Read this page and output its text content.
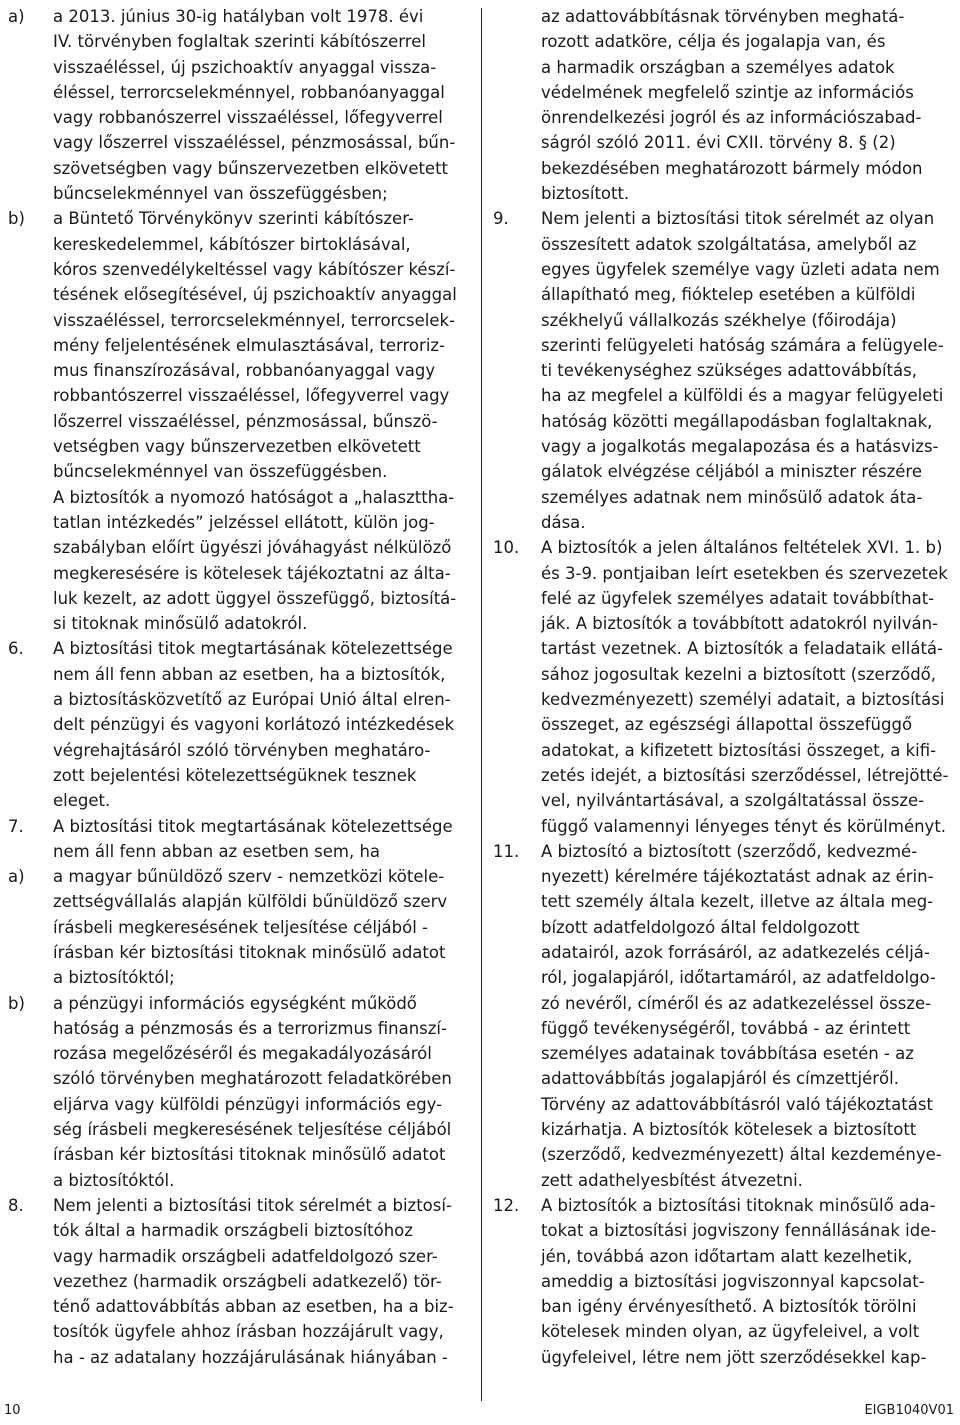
a) a 2013. június 30-ig hatályban volt 1978. évi
IV. törvényben foglaltak szerinti kábítószerrel
visszaéléssel, új pszichoaktív anyaggal vissza-
éléssel, terrorcselekménnyel, robbanóanyaggal
vagy robbanószerrel visszaéléssel, lőfegyverrel
vagy lőszerrel visszaéléssel, pénzmosással, bűn-
szövetségben vagy bűnszervezetben elkövetett
bűncselekménnyel van összefüggésben;
b) a Büntető Törvénykönyv szerinti kábítószer-
kereskedelemmel, kábítószer birtoklásával,
kóros szenvedélykeltéssel vagy kábítószer készí-
tésének elősegítésével, új pszichoaktív anyaggal
visszaéléssel, terrorcselekménnyel, terrorcselek-
mény feljelentésének elmulasztásával, terroriz-
mus finanszírozásával, robbanóanyaggal vagy
robbantószerrel visszaéléssel, lőfegyverrel vagy
lőszerrel visszaéléssel, pénzmosással, bűnszö-
vetségben vagy bűnszervezetben elkövetett
bűncselekménnyel van összefüggésben.
A biztosítók a nyomozó hatóságot a „halaszttha-
tatlan intézkedés” jelzéssel ellátott, külön jog-
szabályban előírt ügyészi jóváhagyást nélkülöző
megkeresésére is kötelesek tájékoztatni az álta-
luk kezelt, az adott üggyel összefüggő, biztosítá-
si titoknak minősülő adatokról.
6. A biztosítási titok megtartásának kötelezettsége
nem áll fenn abban az esetben, ha a biztosítók,
a biztosításközvetítő az Európai Unió által elren-
delt pénzügyi és vagyoni korlátozó intézkedések
végrehajtásáról szóló törvényben meghatáro-
zott bejelentési kötelezettségüknek tesznek
eleget.
7. A biztosítási titok megtartásának kötelezettsége
nem áll fenn abban az esetben sem, ha
a) a magyar bűnüldöző szerv - nemzetközi kötele-
zettségvállalás alapján külföldi bűnüldöző szerv
írásbeli megkeresésének teljesítése céljából -
írásban kér biztosítási titoknak minősülő adatot
a biztosítóktól;
b) a pénzügyi információs egységként működő
hatóság a pénzmosás és a terrorizmus finanszí-
rozása megelőzéséről és megakadályozásáról
szóló törvényben meghatározott feladatkörében
eljárva vagy külföldi pénzügyi információs egy-
ség írásbeli megkeresésének teljesítése céljából
írásban kér biztosítási titoknak minősülő adatot
a biztosítóktól.
8. Nem jelenti a biztosítási titok sérelmét a biztosí-
tók által a harmadik országbeli biztosítóhoz
vagy harmadik országbeli adatfeldolgozó szer-
vezethez (harmadik országbeli adatkezelő) tör-
ténő adattovábbítás abban az esetben, ha a biz-
tosítók ügyfele ahhoz írásban hozzájárult vagy,
ha - az adatalany hozzájárulásának hiányában -
az adattovábbításnak törvényben meghatá-
rozott adatköre, célja és jogalapja van, és
a harmadik országban a személyes adatok
védelmének megfelelő szintje az információs
önrendelkezési jogról és az információszabad-
ságról szóló 2011. évi CXII. törvény 8. § (2)
bekezdésében meghatározott bármely módon
biztosított.
9. Nem jelenti a biztosítási titok sérelmét az olyan
összesített adatok szolgáltatása, amelyből az
egyes ügyfelek személye vagy üzleti adata nem
állapítható meg, fióktelep esetében a külföldi
székhelyű vállalkozás székhelye (főirodája)
szerinti felügyeleti hatóság számára a felügyele-
ti tevékenységhez szükséges adattovábbítás,
ha az megfelel a külföldi és a magyar felügyeleti
hatóság közötti megállapodásban foglaltaknak,
vagy a jogalkotás megalapozása és a hatásvizs-
gálatok elvégzése céljából a miniszter részére
személyes adatnak nem minősülő adatok áta-
dása.
10. A biztosítók a jelen általános feltételek XVI. 1. b)
és 3-9. pontjaiban leírt esetekben és szervezetek
felé az ügyfelek személyes adatait továbbíthat-
ják. A biztosítók a továbbított adatokról nyilván-
tartást vezetnek. A biztosítók a feladataik ellátá-
sához jogosultak kezelni a biztosított (szerződő,
kedvezményezett) személyi adatait, a biztosítási
összeget, az egészségi állapottal összefüggő
adatokat, a kifizetett biztosítási összeget, a kifi-
zetés idejét, a biztosítási szerződéssel, létrejötté-
vel, nyilvántartásával, a szolgáltatással össze-
függő valamennyi lényeges tényt és körülményt.
11. A biztosító a biztosított (szerződő, kedvezmé-
nyezett) kérelmére tájékoztatást adnak az érin-
tett személy általa kezelt, illetve az általa meg-
bízott adatfeldolgozó által feldolgozott
adatairól, azok forrásáról, az adatkezelés céljá-
ról, jogalapjáról, időtartamáról, az adatfeldolgo-
zó nevéről, címéről és az adatkezeléssel össze-
függő tevékenységéről, továbbá - az érintett
személyes adatainak továbbítása esetén - az
adattovábbítás jogalapjáról és címzettjéről.
Törvény az adattovábbításról való tájékoztatást
kizárhatja. A biztosítók kötelesek a biztosított
(szerződő, kedvezményezett) által kezdeménye-
zett adathelyesbítést átvezetni.
12. A biztosítók a biztosítási titoknak minősülő ada-
tokat a biztosítási jogviszony fennállásának ide-
jén, továbbá azon időtartam alatt kezelhetik,
ameddig a biztosítási jogviszonnyal kapcsolat-
ban igény érvényesíthető. A biztosítók törölni
kötelesek minden olyan, az ügyfeleivel, a volt
ügyfeleivel, létre nem jött szerződésekkel kap-
10	EIGB1040V01
